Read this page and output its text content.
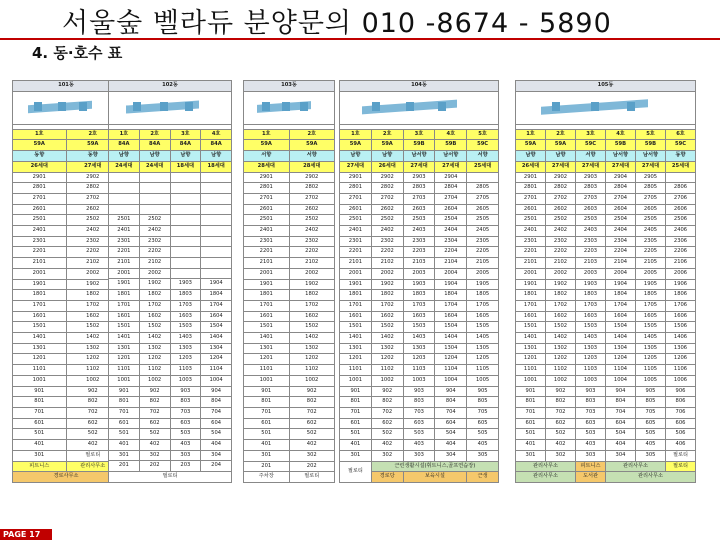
서울숲 벨라듀 분양문의 010 -8674 - 5890
4. 동·호수 표
101동	

1호	2호
59A	59A
동향	동향
26세대	27세대
2901	2902
2801	2802
2701	2702
2601	2602
2501	2502
2401	2402
2301	2302
2201	2202
2101	2102
2001	2002
1901	1902
1801	1802
1701	1702
1601	1602
1501	1502
1401	1402
1301	1302
1201	1202
1101	1102
1001	1002
901	902
801	802
701	702
601	602
501	502
401	402
301	필로티
피트니스	관리사무소
경로사무소	
102동			

1호	2호	3호	4호
84A	84A	84A	84A
남향	남향	남향	남향
24세대	24세대	18세대	18세대

2501	2502		
2401	2402		
2301	2302		
2201	2202		
2101	2102		
2001	2002		
1901	1902	1903	1904
1801	1802	1803	1804
1701	1702	1703	1704
1601	1602	1603	1604
1501	1502	1503	1504
1401	1402	1403	1404
1301	1302	1303	1304
1201	1202	1203	1204
1101	1102	1103	1104
1001	1002	1003	1004
901	902	903	904
801	802	803	804
701	702	703	704
601	602	603	604
501	502	503	504
401	402	403	404
301	302	303	304
201	202	203	204
필로티			
103동	

1호	2호
59A	59A
서향	서향
28세대	28세대
2901	2902
2801	2802
2701	2702
2601	2602
2501	2502
2401	2402
2301	2302
2201	2202
2101	2102
2001	2002
1901	1902
1801	1802
1701	1702
1601	1602
1501	1502
1401	1402
1301	1302
1201	1202
1101	1102
1001	1002
901	902
801	802
701	702
601	602
501	502
401	402
301	302
201	202
주차장	필로티
104동				

1호	2호	3호	4호	5호
59A	59A	59B	59B	59C
남향	남향	남서향	남서향	서향
27세대	26세대	27세대	27세대	25세대
2901	2902	2903	2904	
2801	2802	2803	2804	2805
2701	2702	2703	2704	2705
2601	2602	2603	2604	2605
2501	2502	2503	2504	2505
2401	2402	2403	2404	2405
2301	2302	2303	2304	2305
2201	2202	2203	2204	2205
2101	2102	2103	2104	2105
2001	2002	2003	2004	2005
1901	1902	1903	1904	1905
1801	1802	1803	1804	1805
1701	1702	1703	1704	1705
1601	1602	1603	1604	1605
1501	1502	1503	1504	1505
1401	1402	1403	1404	1405
1301	1302	1303	1304	1305
1201	1202	1203	1204	1205
1101	1102	1103	1104	1105
1001	1002	1003	1004	1005
901	902	903	904	905
801	802	803	804	805
701	702	703	704	705
601	602	603	604	605
501	502	503	504	505
401	402	403	404	405
301	302	303	304	305
필로티	근린생활시설(휘트니스,골프연습장)			
	경로당	보육시설		근생
105동					

1호	2호	3호	4호	5호	6호
59A	59A	59C	59B	59B	59C
남향	남향	서향	남서향	남서향	동향
26세대	27세대	27세대	27세대	27세대	25세대
2901	2902	2903	2904	2905	
2801	2802	2803	2804	2805	2806
2701	2702	2703	2704	2705	2706
2601	2602	2603	2604	2605	2606
2501	2502	2503	2504	2505	2506
2401	2402	2403	2404	2405	2406
2301	2302	2303	2304	2305	2306
2201	2202	2203	2204	2205	2206
2101	2102	2103	2104	2105	2106
2001	2002	2003	2004	2005	2006
1901	1902	1903	1904	1905	1906
1801	1802	1803	1804	1805	1806
1701	1702	1703	1704	1705	1706
1601	1602	1603	1604	1605	1606
1501	1502	1503	1504	1505	1506
1401	1402	1403	1404	1405	1406
1301	1302	1303	1304	1305	1306
1201	1202	1203	1204	1205	1206
1101	1102	1103	1104	1105	1106
1001	1002	1003	1004	1005	1006
901	902	903	904	905	906
801	802	803	804	805	806
701	702	703	704	705	706
601	602	603	604	605	606
501	502	503	504	505	506
401	402	403	404	405	406
301	302	303	304	305	필로티
관리사무소		피트니스	관리사무소		필로티
관리사무소		도서관	관리사무소		
PAGE 17
